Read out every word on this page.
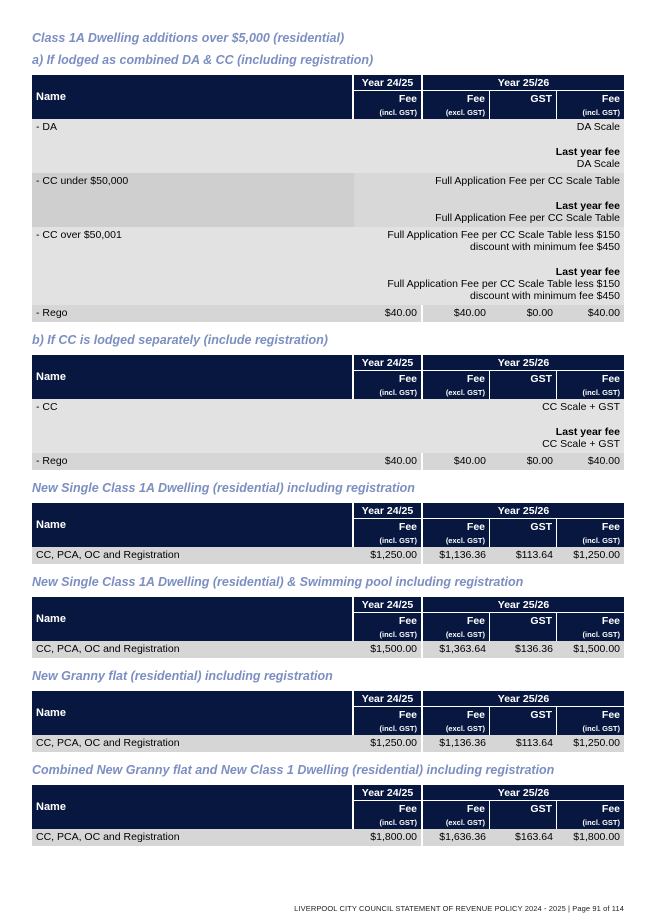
Class 1A Dwelling additions over $5,000 (residential)
a) If lodged as combined DA & CC (including registration)
Name	Year 24/25	Year 25/26		
	Fee	Fee	GST	Fee
	(incl. GST)	(excl. GST)		(incl. GST)
- DA	DA Scale
Last year fee
DA Scale			

- CC under $50,000	Full Application Fee per CC Scale Table
Last year fee
Full Application Fee per CC Scale Table			

- CC over $50,001	Full Application Fee per CC Scale Table less $150
discount with minimum fee $450
Last year fee
Full Application Fee per CC Scale Table less $150
discount with minimum fee $450			

- Rego	$40.00	$40.00	$0.00	$40.00
b) If CC is lodged separately (include registration)
Name	Year 24/25	Year 25/26		
	Fee	Fee	GST	Fee
	(incl. GST)	(excl. GST)		(incl. GST)
- CC	CC Scale + GST
Last year fee
CC Scale + GST			

- Rego	$40.00	$40.00	$0.00	$40.00
New Single Class 1A Dwelling (residential) including registration
Name	Year 24/25	Year 25/26		
	Fee	Fee	GST	Fee
	(incl. GST)	(excl. GST)		(incl. GST)
CC, PCA, OC and Registration	$1,250.00	$1,136.36	$113.64	$1,250.00
New Single Class 1A Dwelling (residential) & Swimming pool including registration
Name	Year 24/25	Year 25/26		
	Fee	Fee	GST	Fee
	(incl. GST)	(excl. GST)		(incl. GST)
CC, PCA, OC and Registration	$1,500.00	$1,363.64	$136.36	$1,500.00
New Granny flat (residential) including registration
Name	Year 24/25	Year 25/26		
	Fee	Fee	GST	Fee
	(incl. GST)	(excl. GST)		(incl. GST)
CC, PCA, OC and Registration	$1,250.00	$1,136.36	$113.64	$1,250.00
Combined New Granny flat and New Class 1 Dwelling (residential) including registration
Name	Year 24/25	Year 25/26		
	Fee	Fee	GST	Fee
	(incl. GST)	(excl. GST)		(incl. GST)
CC, PCA, OC and Registration	$1,800.00	$1,636.36	$163.64	$1,800.00
LIVERPOOL CITY COUNCIL STATEMENT OF REVENUE POLICY 2024 - 2025 | Page 91 of 114
